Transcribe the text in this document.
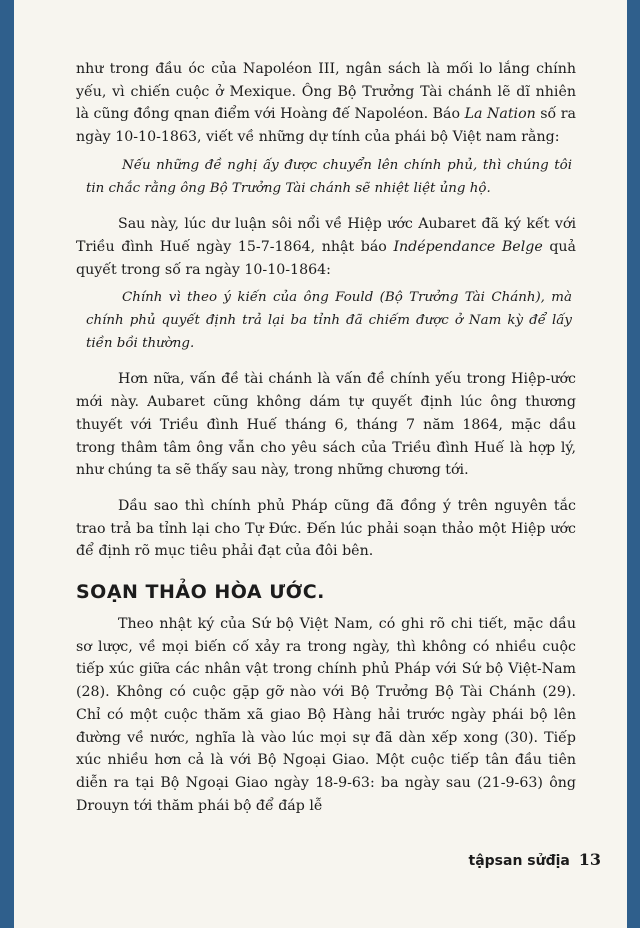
như trong đầu óc của Napoléon III, ngân sách là mối lo lắng chính yếu, vì chiến cuộc ở Mexique. Ông Bộ Trưởng Tài chánh lẽ dĩ nhiên là cũng đồng qnan điểm với Hoàng đế Napoléon. Báo La Nation số ra ngày 10-10-1863, viết về những dự tính của phái bộ Việt nam rằng:

Nếu những đề nghị ấy được chuyển lên chính phủ, thì chúng tôi tin chắc rằng ông Bộ Trưởng Tài chánh sẽ nhiệt liệt ủng hộ.

Sau này, lúc dư luận sôi nổi về Hiệp ước Aubaret đã ký kết với Triều đình Huế ngày 15-7-1864, nhật báo Indépendance Belge quả quyết trong số ra ngày 10-10-1864:

Chính vì theo ý kiến của ông Fould (Bộ Trưởng Tài Chánh), mà chính phủ quyết định trả lại ba tỉnh đã chiếm được ở Nam kỳ để lấy tiền bồi thường.

Hơn nữa, vấn đề tài chánh là vấn đề chính yếu trong Hiệp-ước mới này. Aubaret cũng không dám tự quyết định lúc ông thương thuyết với Triều đình Huế tháng 6, tháng 7 năm 1864, mặc dầu trong thâm tâm ông vẫn cho yêu sách của Triều đình Huế là hợp lý, như chúng ta sẽ thấy sau này, trong những chương tới.

Dầu sao thì chính phủ Pháp cũng đã đồng ý trên nguyên tắc trao trả ba tỉnh lại cho Tự Đức. Đến lúc phải soạn thảo một Hiệp ước để định rõ mục tiêu phải đạt của đôi bên.

SOẠN THẢO HÒA ƯỚC.

Theo nhật ký của Sứ bộ Việt Nam, có ghi rõ chi tiết, mặc dầu sơ lược, về mọi biến cố xảy ra trong ngày, thì không có nhiều cuộc tiếp xúc giữa các nhân vật trong chính phủ Pháp với Sứ bộ Việt-Nam (28). Không có cuộc gặp gỡ nào với Bộ Trưởng Bộ Tài Chánh (29). Chỉ có một cuộc thăm xã giao Bộ Hàng hải trước ngày phái bộ lên đường về nước, nghĩa là vào lúc mọi sự đã dàn xếp xong (30). Tiếp xúc nhiều hơn cả là với Bộ Ngoại Giao. Một cuộc tiếp tân đầu tiên diễn ra tại Bộ Ngoại Giao ngày 18-9-63: ba ngày sau (21-9-63) ông Drouyn tới thăm phái bộ để đáp lễ

tậpsan sửđịa 13
